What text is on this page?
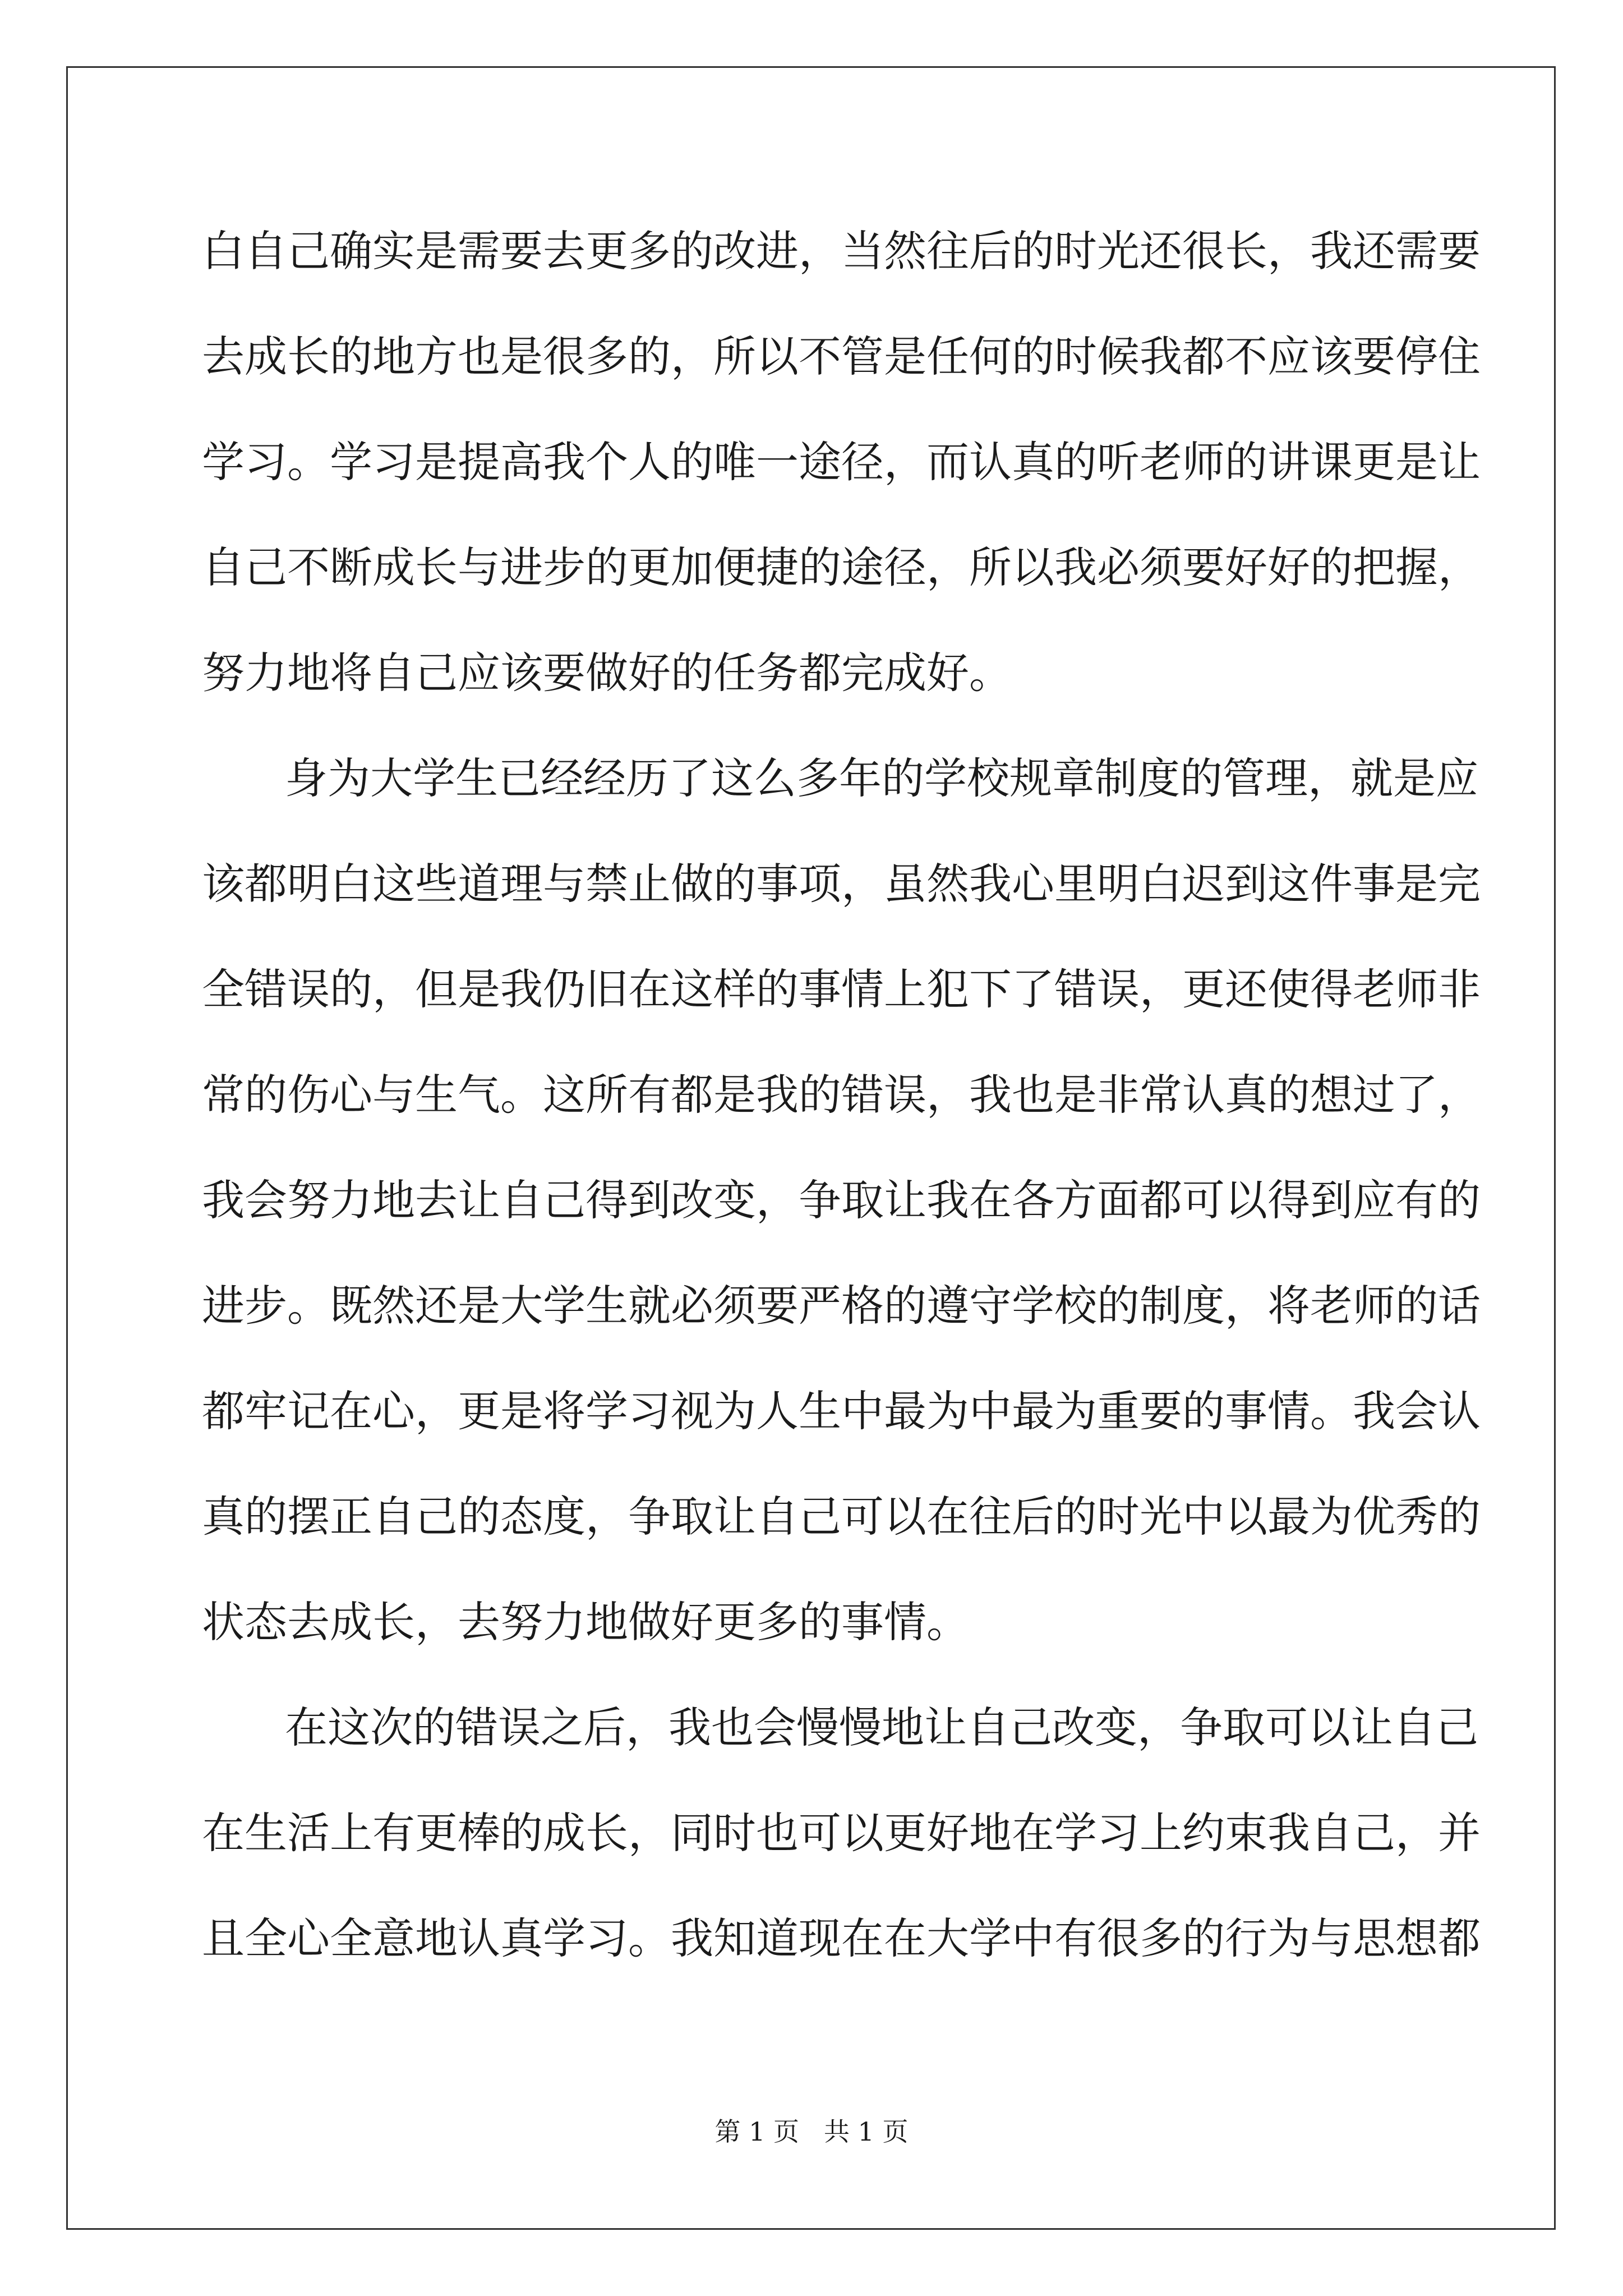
白自己确实是需要去更多的改进，当然往后的时光还很长，我还需要
去成长的地方也是很多的，所以不管是任何的时候我都不应该要停住
学习。学习是提高我个人的唯一途径，而认真的听老师的讲课更是让
自己不断成长与进步的更加便捷的途径，所以我必须要好好的把握，
努力地将自己应该要做好的任务都完成好。
身为大学生已经经历了这么多年的学校规章制度的管理，就是应
该都明白这些道理与禁止做的事项，虽然我心里明白迟到这件事是完
全错误的，但是我仍旧在这样的事情上犯下了错误，更还使得老师非
常的伤心与生气。这所有都是我的错误，我也是非常认真的想过了，
我会努力地去让自己得到改变，争取让我在各方面都可以得到应有的
进步。既然还是大学生就必须要严格的遵守学校的制度，将老师的话
都牢记在心，更是将学习视为人生中最为中最为重要的事情。我会认
真的摆正自己的态度，争取让自己可以在往后的时光中以最为优秀的
状态去成长，去努力地做好更多的事情。
在这次的错误之后，我也会慢慢地让自己改变，争取可以让自己
在生活上有更棒的成长，同时也可以更好地在学习上约束我自己，并
且全心全意地认真学习。我知道现在在大学中有很多的行为与思想都
第 1 页 共 1 页
